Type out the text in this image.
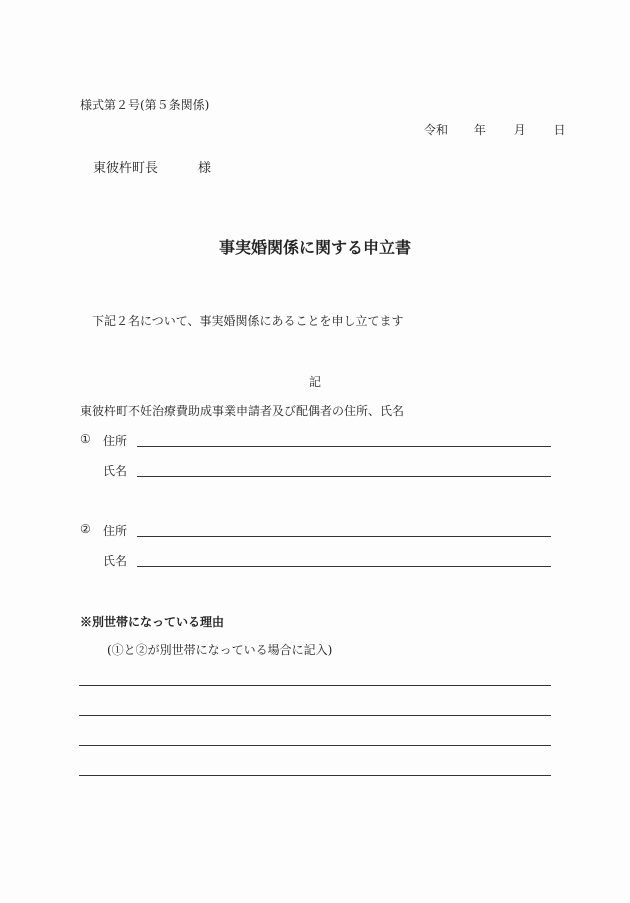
様式第２号(第５条関係)
令和 年 月 日
東彼杵町長	様
事実婚関係に関する申立書
下記２名について、事実婚関係にあることを申し立てます
記
東彼杵町不妊治療費助成事業申請者及び配偶者の住所、氏名
① 住所
氏名
② 住所
氏名
※別世帯になっている理由
(①と②が別世帯になっている場合に記入)
